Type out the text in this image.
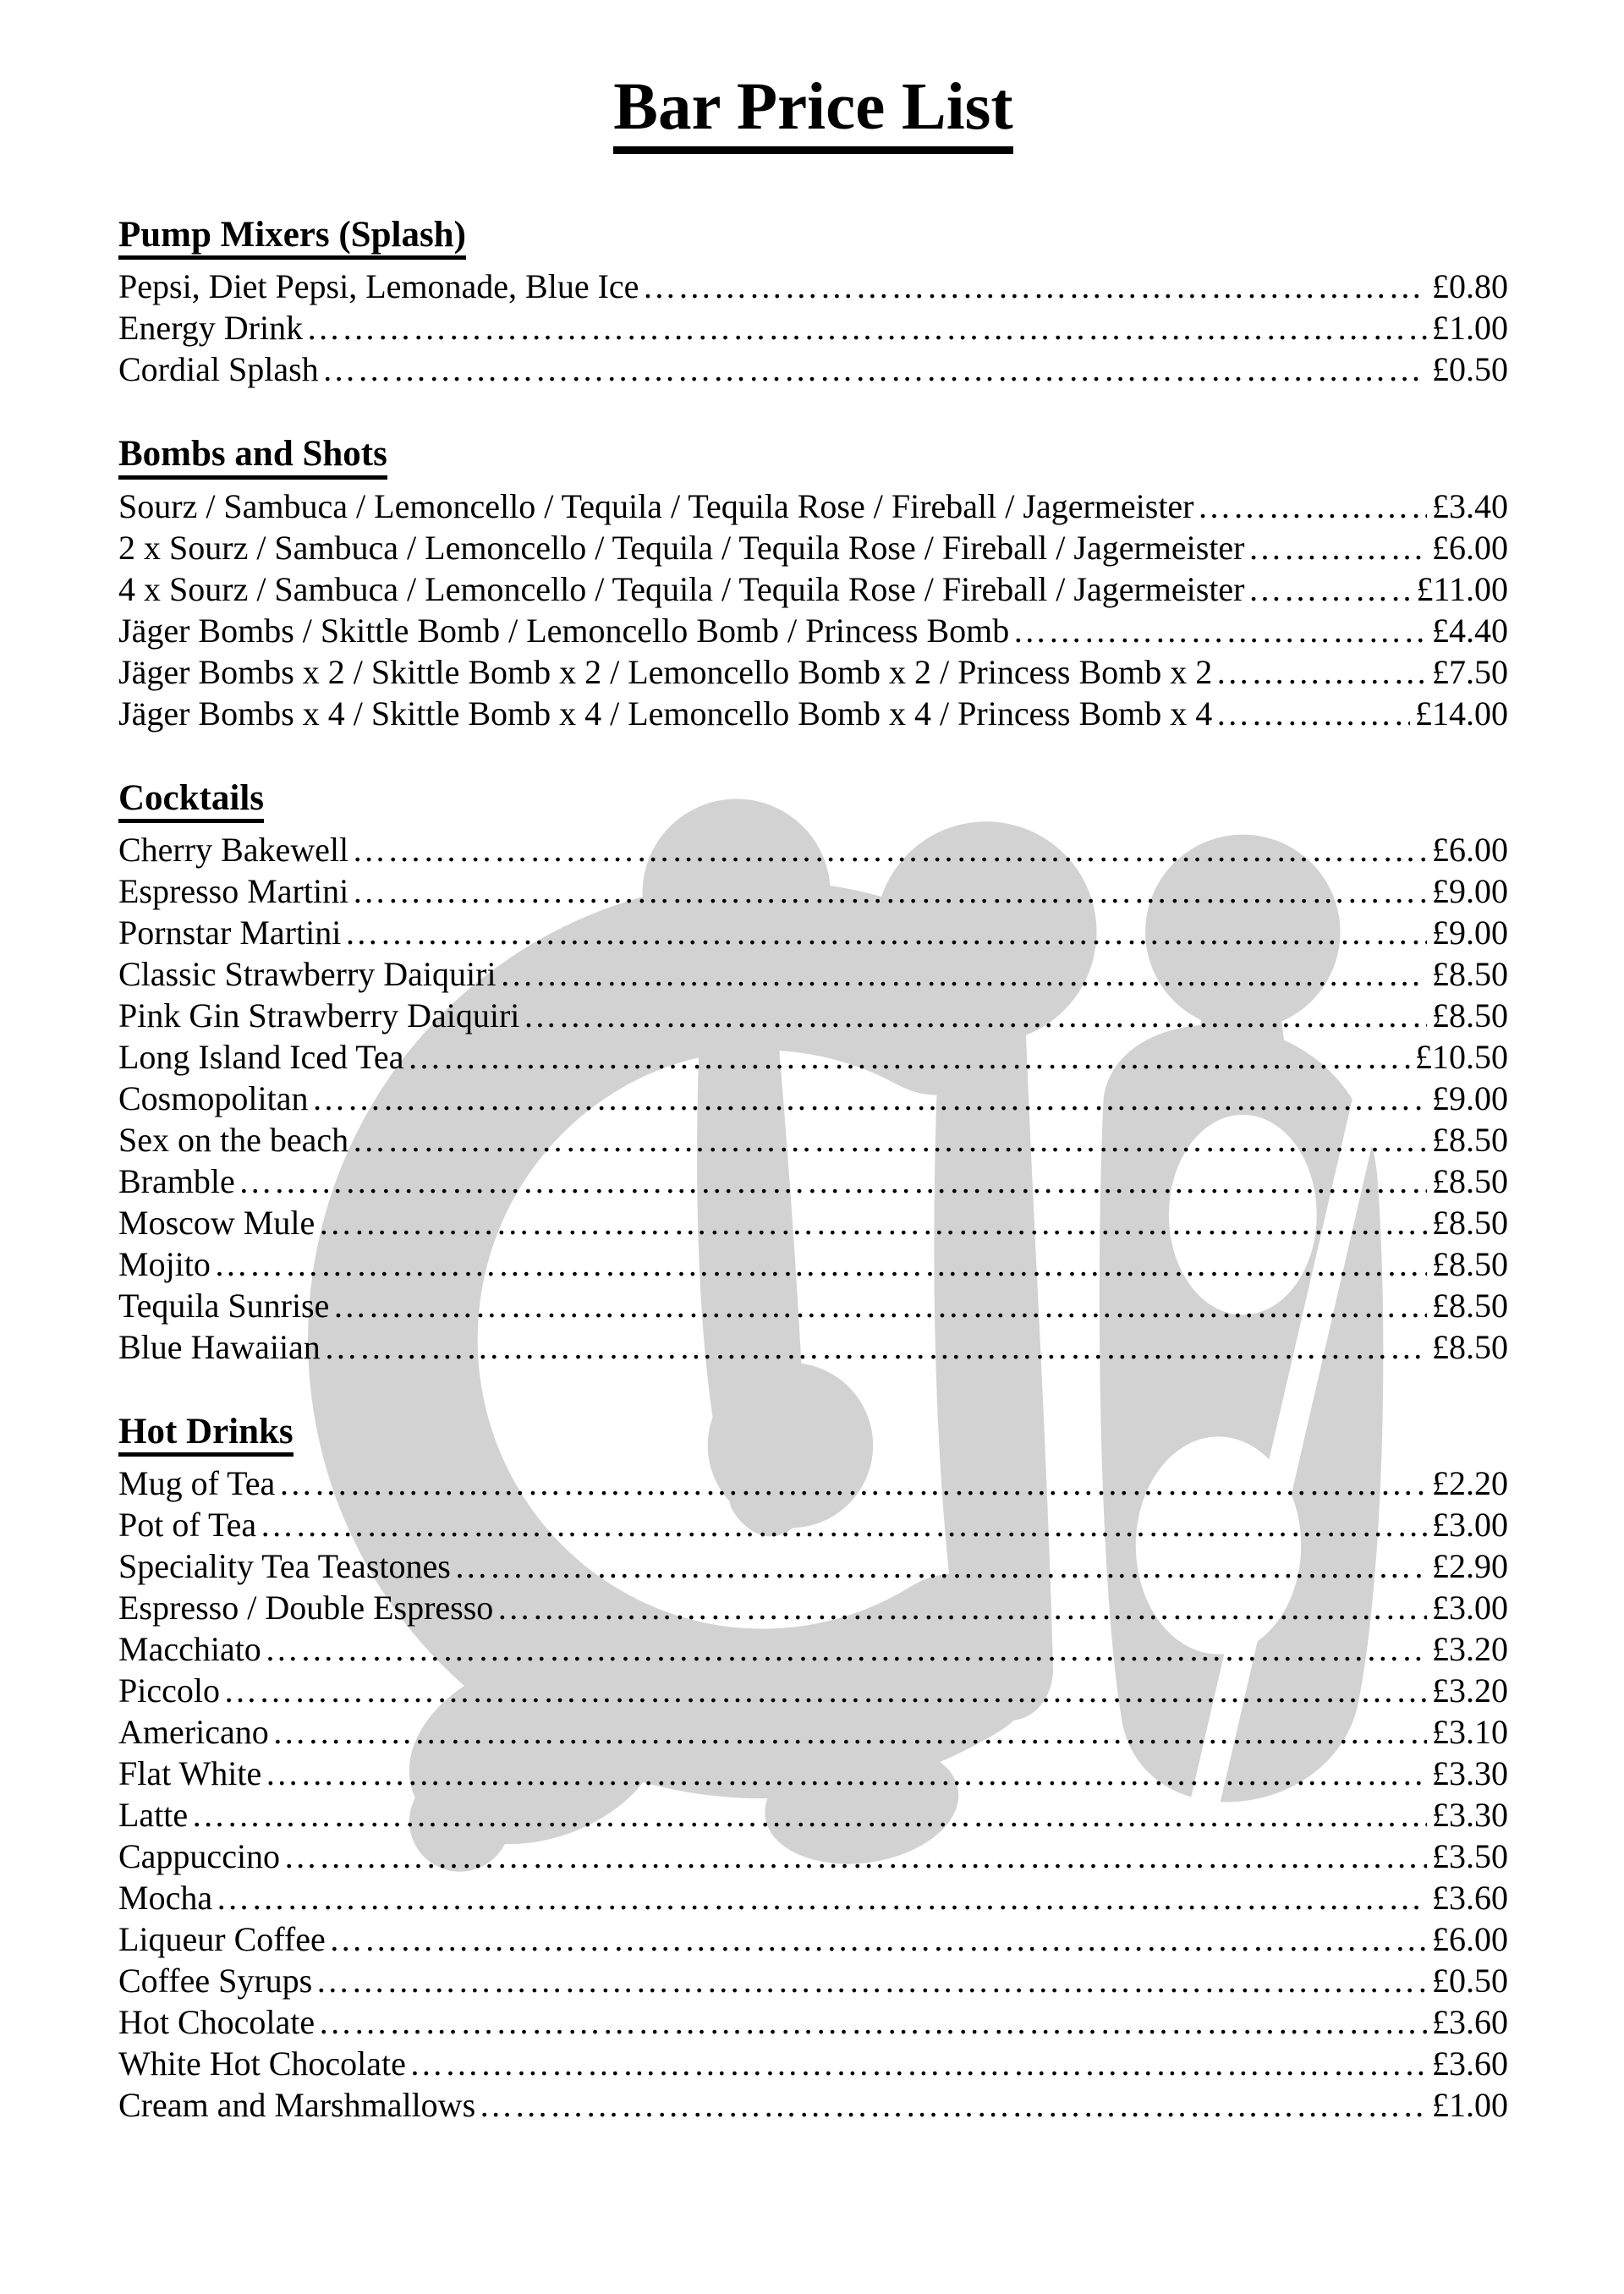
Bar Price List
Pump Mixers (Splash)
Pepsi, Diet Pepsi, Lemonade, Blue Ice ……………………………………………………………………………………………………………………………………………………………………………………	£0.80
Energy Drink ……………………………………………………………………………………………………………………………………………………………………………………	£1.00
Cordial Splash ……………………………………………………………………………………………………………………………………………………………………………………	£0.50
Bombs and Shots
Sourz / Sambuca / Lemoncello / Tequila / Tequila Rose / Fireball / Jagermeister ……………………………………………………………………………………………………………………………………………………………………………………	£3.40
2 x Sourz / Sambuca / Lemoncello / Tequila / Tequila Rose / Fireball / Jagermeister ……………………………………………………………………………………………………………………………………………………………………………………	£6.00
4 x Sourz / Sambuca / Lemoncello / Tequila / Tequila Rose / Fireball / Jagermeister ……………………………………………………………………………………………………………………………………………………………………………………	£11.00
Jäger Bombs / Skittle Bomb / Lemoncello Bomb / Princess Bomb ……………………………………………………………………………………………………………………………………………………………………………………	£4.40
Jäger Bombs x 2 / Skittle Bomb x 2 / Lemoncello Bomb x 2 / Princess Bomb x 2 ……………………………………………………………………………………………………………………………………………………………………………………	£7.50
Jäger Bombs x 4 / Skittle Bomb x 4 / Lemoncello Bomb x 4 / Princess Bomb x 4 ……………………………………………………………………………………………………………………………………………………………………………………	£14.00
Cocktails
Cherry Bakewell ……………………………………………………………………………………………………………………………………………………………………………………	£6.00
Espresso Martini ……………………………………………………………………………………………………………………………………………………………………………………	£9.00
Pornstar Martini ……………………………………………………………………………………………………………………………………………………………………………………	£9.00
Classic Strawberry Daiquiri ……………………………………………………………………………………………………………………………………………………………………………………	£8.50
Pink Gin Strawberry Daiquiri ……………………………………………………………………………………………………………………………………………………………………………………	£8.50
Long Island Iced Tea ……………………………………………………………………………………………………………………………………………………………………………………	£10.50
Cosmopolitan ……………………………………………………………………………………………………………………………………………………………………………………	£9.00
Sex on the beach ……………………………………………………………………………………………………………………………………………………………………………………	£8.50
Bramble ……………………………………………………………………………………………………………………………………………………………………………………	£8.50
Moscow Mule ……………………………………………………………………………………………………………………………………………………………………………………	£8.50
Mojito ……………………………………………………………………………………………………………………………………………………………………………………	£8.50
Tequila Sunrise ……………………………………………………………………………………………………………………………………………………………………………………	£8.50
Blue Hawaiian ……………………………………………………………………………………………………………………………………………………………………………………	£8.50
Hot Drinks
Mug of Tea ……………………………………………………………………………………………………………………………………………………………………………………	£2.20
Pot of Tea ……………………………………………………………………………………………………………………………………………………………………………………	£3.00
Speciality Tea Teastones ……………………………………………………………………………………………………………………………………………………………………………………	£2.90
Espresso / Double Espresso ……………………………………………………………………………………………………………………………………………………………………………………	£3.00
Macchiato ……………………………………………………………………………………………………………………………………………………………………………………	£3.20
Piccolo ……………………………………………………………………………………………………………………………………………………………………………………	£3.20
Americano ……………………………………………………………………………………………………………………………………………………………………………………	£3.10
Flat White ……………………………………………………………………………………………………………………………………………………………………………………	£3.30
Latte ……………………………………………………………………………………………………………………………………………………………………………………	£3.30
Cappuccino ……………………………………………………………………………………………………………………………………………………………………………………	£3.50
Mocha ……………………………………………………………………………………………………………………………………………………………………………………	£3.60
Liqueur Coffee ……………………………………………………………………………………………………………………………………………………………………………………	£6.00
Coffee Syrups ……………………………………………………………………………………………………………………………………………………………………………………	£0.50
Hot Chocolate ……………………………………………………………………………………………………………………………………………………………………………………	£3.60
White Hot Chocolate ……………………………………………………………………………………………………………………………………………………………………………………	£3.60
Cream and Marshmallows ……………………………………………………………………………………………………………………………………………………………………………………	£1.00
